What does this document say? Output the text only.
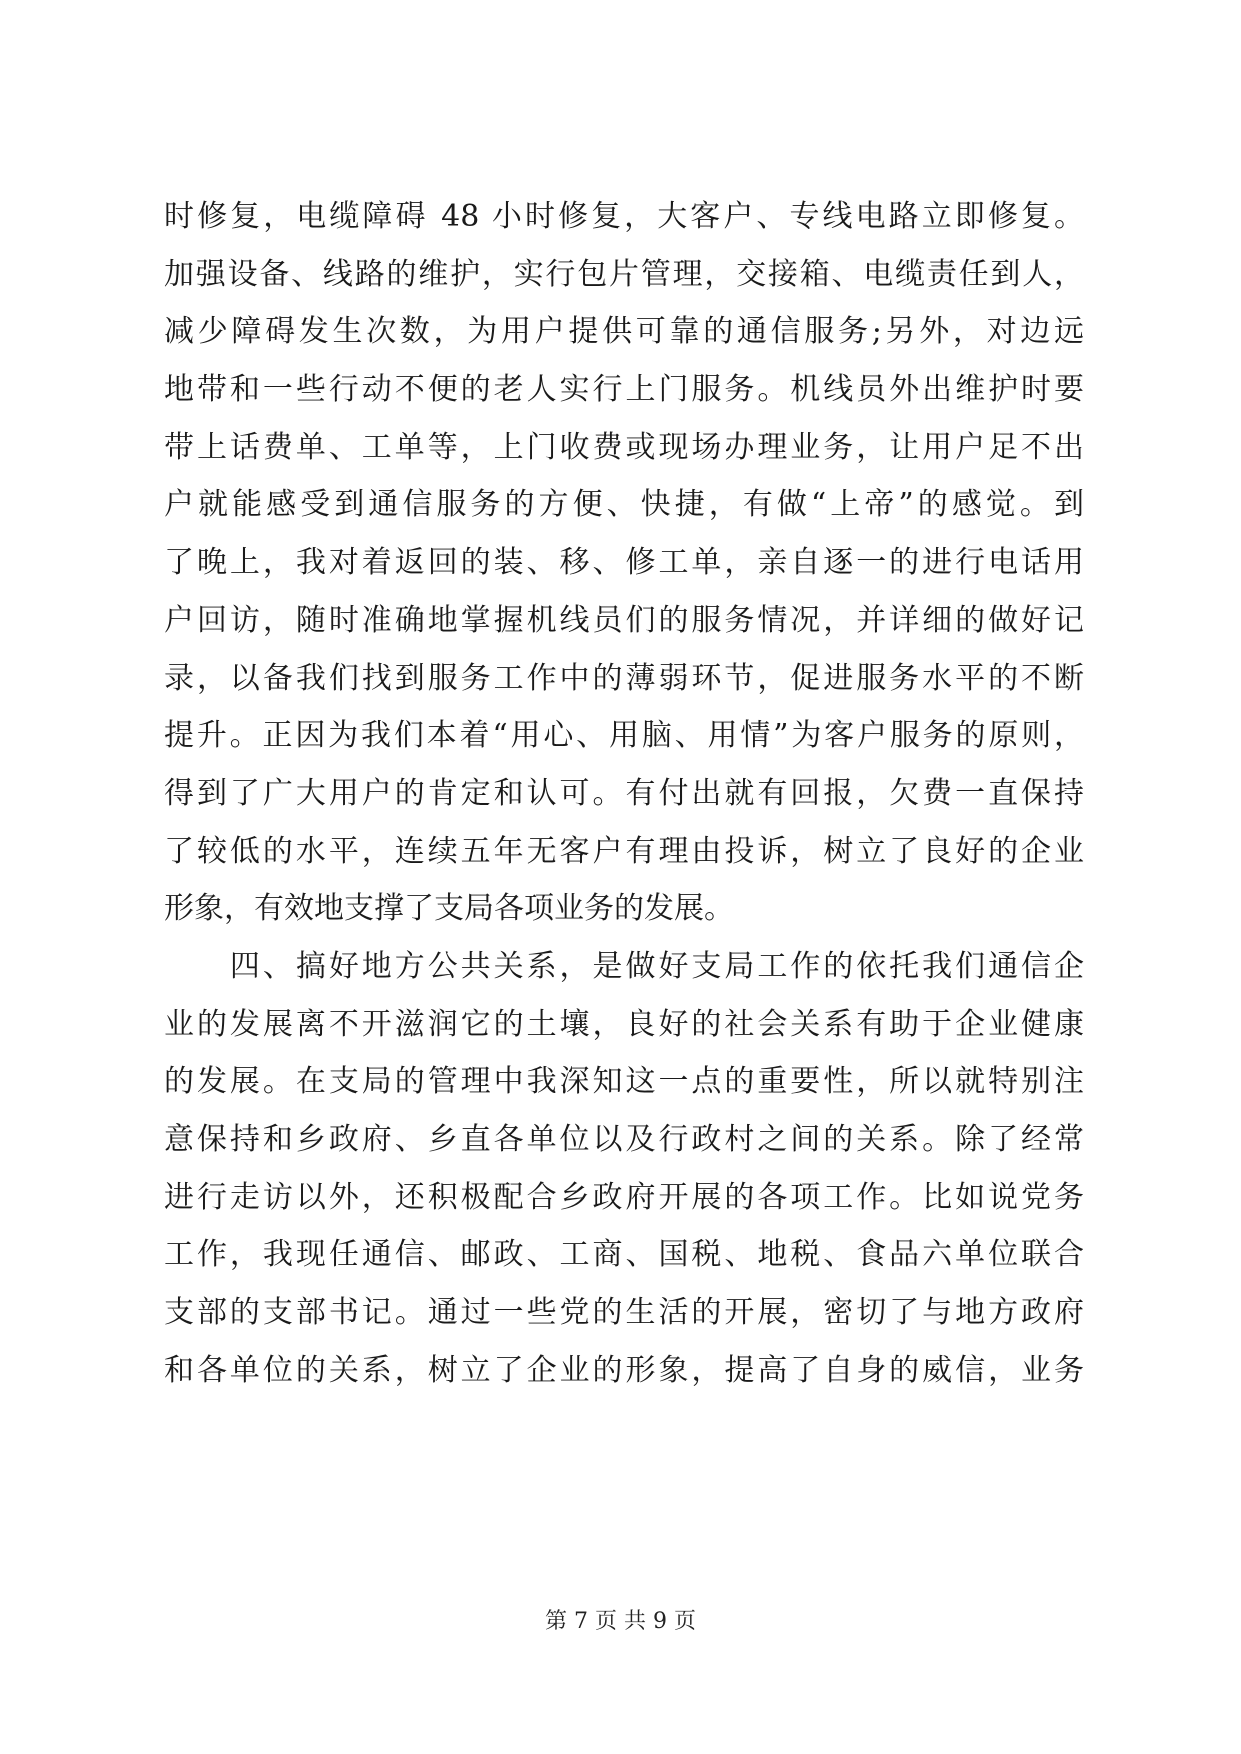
时修复，电缆障碍 48 小时修复，大客户、专线电路立即修复。
加强设备、线路的维护，实行包片管理，交接箱、电缆责任到人，
减少障碍发生次数，为用户提供可靠的通信服务;另外，对边远
地带和一些行动不便的老人实行上门服务。机线员外出维护时要
带上话费单、工单等，上门收费或现场办理业务，让用户足不出
户就能感受到通信服务的方便、快捷，有做“上帝”的感觉。到
了晚上，我对着返回的装、移、修工单，亲自逐一的进行电话用
户回访，随时准确地掌握机线员们的服务情况，并详细的做好记
录，以备我们找到服务工作中的薄弱环节，促进服务水平的不断
提升。正因为我们本着“用心、用脑、用情”为客户服务的原则，
得到了广大用户的肯定和认可。有付出就有回报，欠费一直保持
了较低的水平，连续五年无客户有理由投诉，树立了良好的企业
形象，有效地支撑了支局各项业务的发展。
　　四、搞好地方公共关系，是做好支局工作的依托我们通信企
业的发展离不开滋润它的土壤，良好的社会关系有助于企业健康
的发展。在支局的管理中我深知这一点的重要性，所以就特别注
意保持和乡政府、乡直各单位以及行政村之间的关系。除了经常
进行走访以外，还积极配合乡政府开展的各项工作。比如说党务
工作，我现任通信、邮政、工商、国税、地税、食品六单位联合
支部的支部书记。通过一些党的生活的开展，密切了与地方政府
和各单位的关系，树立了企业的形象，提高了自身的威信，业务
第 7 页 共 9 页
